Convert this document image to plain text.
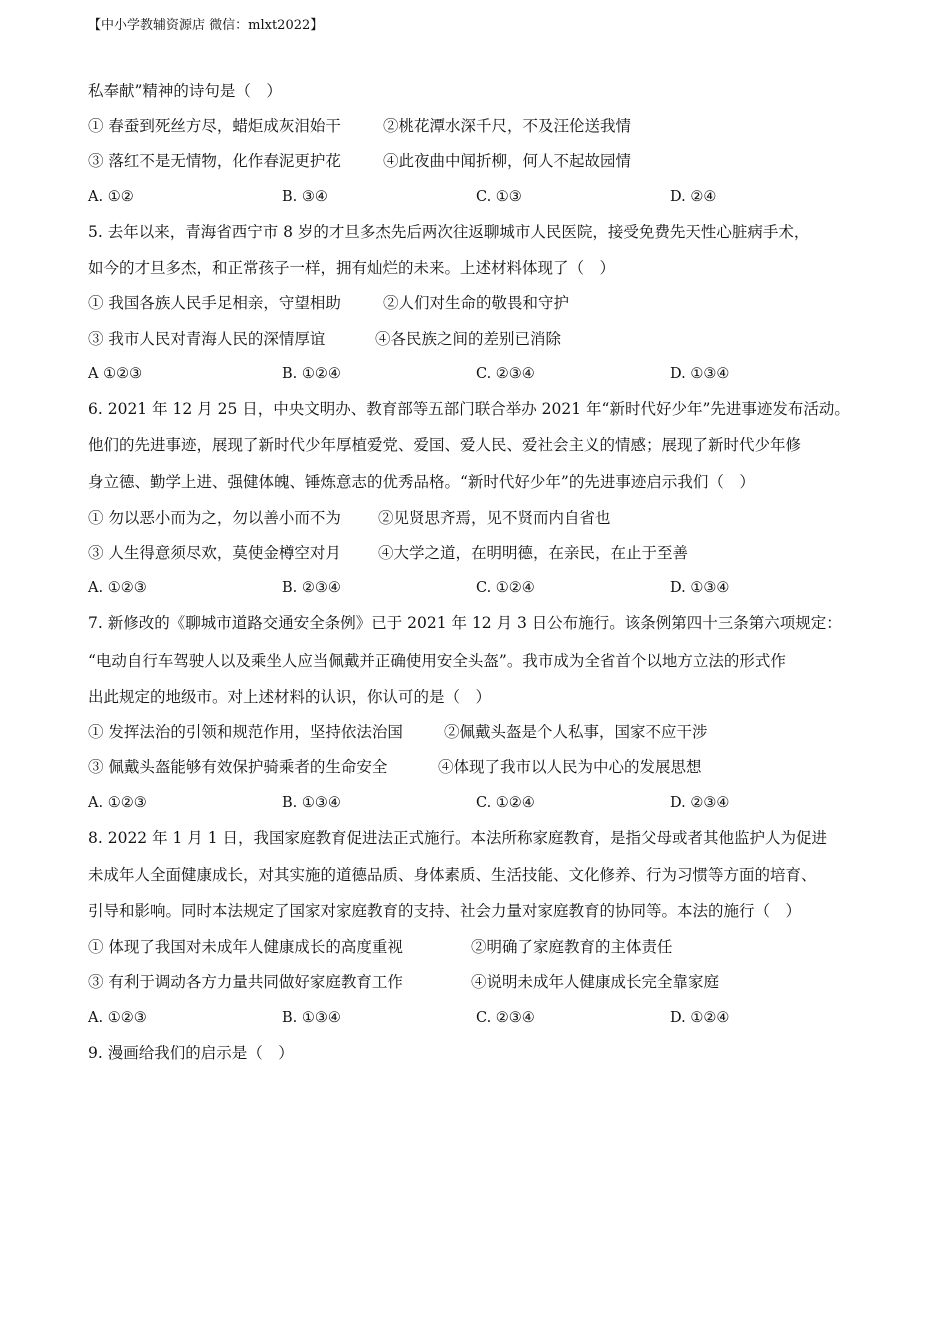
【中小学教辅资源店 微信：mlxt2022】
私奉献”精神的诗句是（　）
① 春蚕到死丝方尽，蜡炬成灰泪始干	②桃花潭水深千尺，不及汪伦送我情
③ 落红不是无情物，化作春泥更护花	④此夜曲中闻折柳，何人不起故园情
A. ①②	B. ③④	C. ①③	D. ②④
5. 去年以来，青海省西宁市 8 岁的才旦多杰先后两次往返聊城市人民医院，接受免费先天性心脏病手术，
如今的才旦多杰，和正常孩子一样，拥有灿烂的未来。上述材料体现了（　）
① 我国各族人民手足相亲，守望相助	②人们对生命的敬畏和守护
③ 我市人民对青海人民的深情厚谊	④各民族之间的差别已消除
A ①②③	B. ①②④	C. ②③④	D. ①③④
6. 2021 年 12 月 25 日，中央文明办、教育部等五部门联合举办 2021 年“新时代好少年”先进事迹发布活动。
他们的先进事迹，展现了新时代少年厚植爱党、爱国、爱人民、爱社会主义的情感；展现了新时代少年修
身立德、勤学上进、强健体魄、锤炼意志的优秀品格。“新时代好少年”的先进事迹启示我们（　）
① 勿以恶小而为之，勿以善小而不为 ②见贤思齐焉，见不贤而内自省也
③ 人生得意须尽欢，莫使金樽空对月 ④大学之道，在明明德，在亲民，在止于至善
A. ①②③	B. ②③④	C. ①②④	D. ①③④
7. 新修改的《聊城市道路交通安全条例》已于 2021 年 12 月 3 日公布施行。该条例第四十三条第六项规定：
“电动自行车驾驶人以及乘坐人应当佩戴并正确使用安全头盔”。我市成为全省首个以地方立法的形式作
出此规定的地级市。对上述材料的认识，你认可的是（　）
① 发挥法治的引领和规范作用，坚持依法治国	②佩戴头盔是个人私事，国家不应干涉
③ 佩戴头盔能够有效保护骑乘者的生命安全	④体现了我市以人民为中心的发展思想
A. ①②③	B. ①③④	C. ①②④	D. ②③④
8. 2022 年 1 月 1 日，我国家庭教育促进法正式施行。本法所称家庭教育，是指父母或者其他监护人为促进
未成年人全面健康成长，对其实施的道德品质、身体素质、生活技能、文化修养、行为习惯等方面的培育、
引导和影响。同时本法规定了国家对家庭教育的支持、社会力量对家庭教育的协同等。本法的施行（　）
① 体现了我国对未成年人健康成长的高度重视	②明确了家庭教育的主体责任
③ 有利于调动各方力量共同做好家庭教育工作	④说明未成年人健康成长完全靠家庭
A. ①②③	B. ①③④	C. ②③④	D. ①②④
9. 漫画给我们的启示是（　）
